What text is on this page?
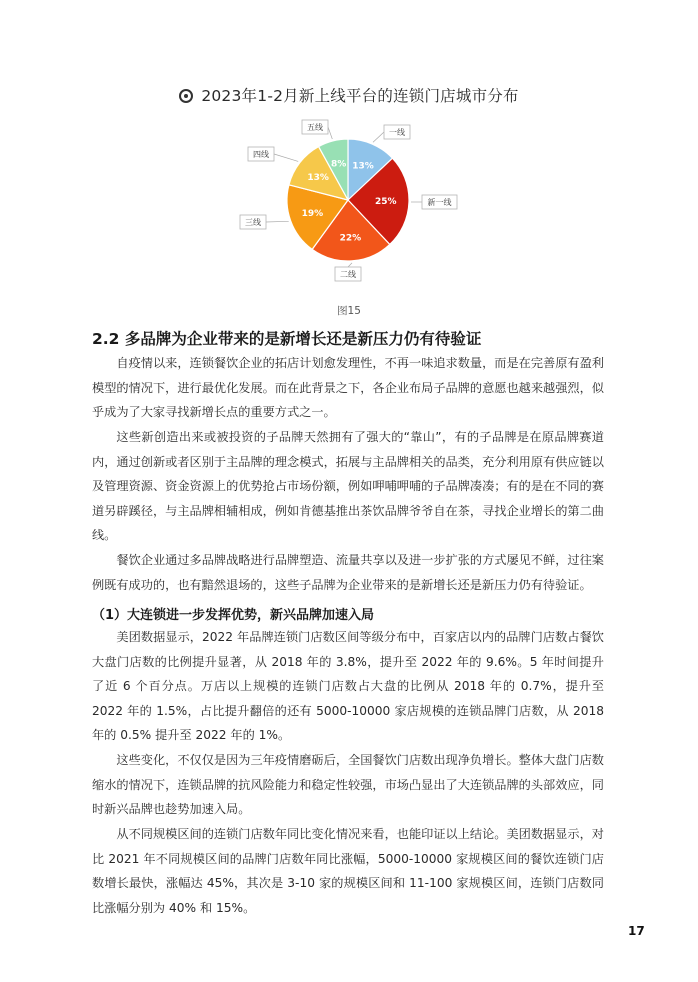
2023年1-2月新上线平台的连锁门店城市分布
13%
一线
25%	新一线
22%
二线
19%
三线
13%
四线
8%
五线
图15
2.2 多品牌为企业带来的是新增长还是新压力仍有待验证

自疫情以来，连锁餐饮企业的拓店计划愈发理性，不再一味追求数量，而是在完善原有盈利模型的情况下，进行最优化发展。而在此背景之下，各企业布局子品牌的意愿也越来越强烈，似乎成为了大家寻找新增长点的重要方式之一。

这些新创造出来或被投资的子品牌天然拥有了强大的“靠山”，有的子品牌是在原品牌赛道内，通过创新或者区别于主品牌的理念模式，拓展与主品牌相关的品类，充分利用原有供应链以及管理资源、资金资源上的优势抢占市场份额，例如呷哺呷哺的子品牌凑凑；有的是在不同的赛道另辟蹊径，与主品牌相辅相成，例如肯德基推出茶饮品牌爷爷自在茶，寻找企业增长的第二曲线。

餐饮企业通过多品牌战略进行品牌塑造、流量共享以及进一步扩张的方式屡见不鲜，过往案例既有成功的，也有黯然退场的，这些子品牌为企业带来的是新增长还是新压力仍有待验证。

（1）大连锁进一步发挥优势，新兴品牌加速入局

美团数据显示，2022 年品牌连锁门店数区间等级分布中，百家店以内的品牌门店数占餐饮大盘门店数的比例提升显著，从 2018 年的 3.8%，提升至 2022 年的 9.6%。5 年时间提升了近 6 个百分点。万店以上规模的连锁门店数占大盘的比例从 2018 年的 0.7%，提升至 2022 年的 1.5%，占比提升翻倍的还有 5000-10000 家店规模的连锁品牌门店数，从 2018 年的 0.5% 提升至 2022 年的 1%。

这些变化，不仅仅是因为三年疫情磨砺后，全国餐饮门店数出现净负增长。整体大盘门店数缩水的情况下，连锁品牌的抗风险能力和稳定性较强，市场凸显出了大连锁品牌的头部效应，同时新兴品牌也趁势加速入局。

从不同规模区间的连锁门店数年同比变化情况来看，也能印证以上结论。美团数据显示，对比 2021 年不同规模区间的品牌门店数年同比涨幅，5000-10000 家规模区间的餐饮连锁门店数增长最快，涨幅达 45%，其次是 3-10 家的规模区间和 11-100 家规模区间，连锁门店数同比涨幅分别为 40% 和 15%。

17
